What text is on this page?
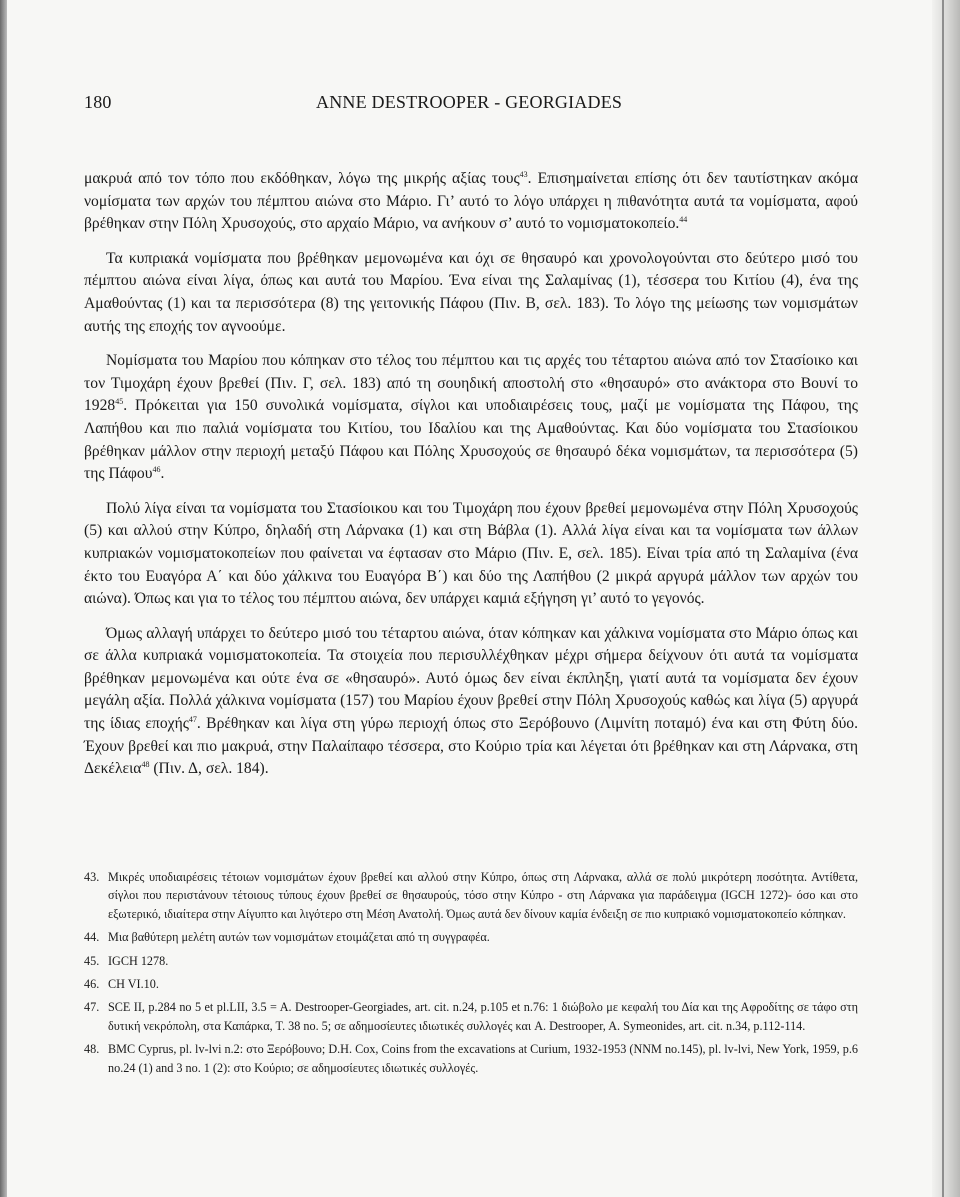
180	ANNE DESTROOPER - GEORGIADES

μακρυά από τον τόπο που εκδόθηκαν, λόγω της μικρής αξίας τους$^{43}$. Επισημαίνεται επίσης ότι δεν ταυτίστηκαν ακόμα νομίσματα των αρχών του πέμπτου αιώνα στο Μάριο. Γι’ αυτό το λόγο υπάρχει η πιθανότητα αυτά τα νομίσματα, αφού βρέθηκαν στην Πόλη Χρυσοχούς, στο αρχαίο Μάριο, να ανήκουν σ’ αυτό το νομισματοκοπείο.$^{44}$

Τα κυπριακά νομίσματα που βρέθηκαν μεμονωμένα και όχι σε θησαυρό και χρονολογούνται στο δεύτερο μισό του πέμπτου αιώνα είναι λίγα, όπως και αυτά του Μαρίου. Ένα είναι της Σαλαμίνας (1), τέσσερα του Κιτίου (4), ένα της Αμαθούντας (1) και τα περισσότερα (8) της γειτονικής Πάφου (Πιν. Β, σελ. 183). Το λόγο της μείωσης των νομισμάτων αυτής της εποχής τον αγνοούμε.

Νομίσματα του Μαρίου που κόπηκαν στο τέλος του πέμπτου και τις αρχές του τέταρτου αιώνα από τον Στασίοικο και τον Τιμοχάρη έχουν βρεθεί (Πιν. Γ, σελ. 183) από τη σουηδική αποστολή στο «θησαυρό» στο ανάκτορα στο Βουνί το 1928$^{45}$. Πρόκειται για 150 συνολικά νομίσματα, σίγλοι και υποδιαιρέσεις τους, μαζί με νομίσματα της Πάφου, της Λαπήθου και πιο παλιά νομίσματα του Κιτίου, του Ιδαλίου και της Αμαθούντας. Και δύο νομίσματα του Στασίοικου βρέθηκαν μάλλον στην περιοχή μεταξύ Πάφου και Πόλης Χρυσοχούς σε θησαυρό δέκα νομισμάτων, τα περισσότερα (5) της Πάφου$^{46}$.

Πολύ λίγα είναι τα νομίσματα του Στασίοικου και του Τιμοχάρη που έχουν βρεθεί μεμονωμένα στην Πόλη Χρυσοχούς (5) και αλλού στην Κύπρο, δηλαδή στη Λάρνακα (1) και στη Βάβλα (1). Αλλά λίγα είναι και τα νομίσματα των άλλων κυπριακών νομισματοκοπείων που φαίνεται να έφτασαν στο Μάριο (Πιν. Ε, σελ. 185). Είναι τρία από τη Σαλαμίνα (ένα έκτο του Ευαγόρα Α΄ και δύο χάλκινα του Ευαγόρα Β΄) και δύο της Λαπήθου (2 μικρά αργυρά μάλλον των αρχών του αιώνα). Όπως και για το τέλος του πέμπτου αιώνα, δεν υπάρχει καμιά εξήγηση γι’ αυτό το γεγονός.

Όμως αλλαγή υπάρχει το δεύτερο μισό του τέταρτου αιώνα, όταν κόπηκαν και χάλκινα νομίσματα στο Μάριο όπως και σε άλλα κυπριακά νομισματοκοπεία. Τα στοιχεία που περισυλλέχθηκαν μέχρι σήμερα δείχνουν ότι αυτά τα νομίσματα βρέθηκαν μεμονωμένα και ούτε ένα σε «θησαυρό». Αυτό όμως δεν είναι έκπληξη, γιατί αυτά τα νομίσματα δεν έχουν μεγάλη αξία. Πολλά χάλκινα νομίσματα (157) του Μαρίου έχουν βρεθεί στην Πόλη Χρυσοχούς καθώς και λίγα (5) αργυρά της ίδιας εποχής$^{47}$. Βρέθηκαν και λίγα στη γύρω περιοχή όπως στο Ξερόβουνο (Λιμνίτη ποταμό) ένα και στη Φύτη δύο. Έχουν βρεθεί και πιο μακρυά, στην Παλαίπαφο τέσσερα, στο Κούριο τρία και λέγεται ότι βρέθηκαν και στη Λάρνακα, στη Δεκέλεια$^{48}$ (Πιν. Δ, σελ. 184).

43. Μικρές υποδιαιρέσεις τέτοιων νομισμάτων έχουν βρεθεί και αλλού στην Κύπρο, όπως στη Λάρνακα, αλλά σε πολύ μικρότερη ποσότητα. Αντίθετα, σίγλοι που περιστάνουν τέτοιους τύπους έχουν βρεθεί σε θησαυρούς, τόσο στην Κύπρο - στη Λάρνακα για παράδειγμα (IGCH 1272)- όσο και στο εξωτερικό, ιδιαίτερα στην Αίγυπτο και λιγότερο στη Μέση Ανατολή. Όμως αυτά δεν δίνουν καμία ένδειξη σε πιο κυπριακό νομισματοκοπείο κόπηκαν.
44. Μια βαθύτερη μελέτη αυτών των νομισμάτων ετοιμάζεται από τη συγγραφέα.
45. IGCH 1278.
46. CH VI.10.
47. SCE II, p.284 no 5 et pl.LII, 3.5 = A. Destrooper-Georgiades, art. cit. n.24, p.105 et n.76: 1 διώβολο με κεφαλή του Δία και της Αφροδίτης σε τάφο στη δυτική νεκρόπολη, στα Καπάρκα, Τ. 38 no. 5; σε αδημοσίευτες ιδιωτικές συλλογές και A. Destrooper, A. Symeonides, art. cit. n.34, p.112-114.
48. BMC Cyprus, pl. lv-lvi n.2: στο Ξερόβουνο; D.H. Cox, Coins from the excavations at Curium, 1932-1953 (NNM no.145), pl. lv-lvi, New York, 1959, p.6 no.24 (1) and 3 no. 1 (2): στο Κούριο; σε αδημοσίευτες ιδιωτικές συλλογές.
